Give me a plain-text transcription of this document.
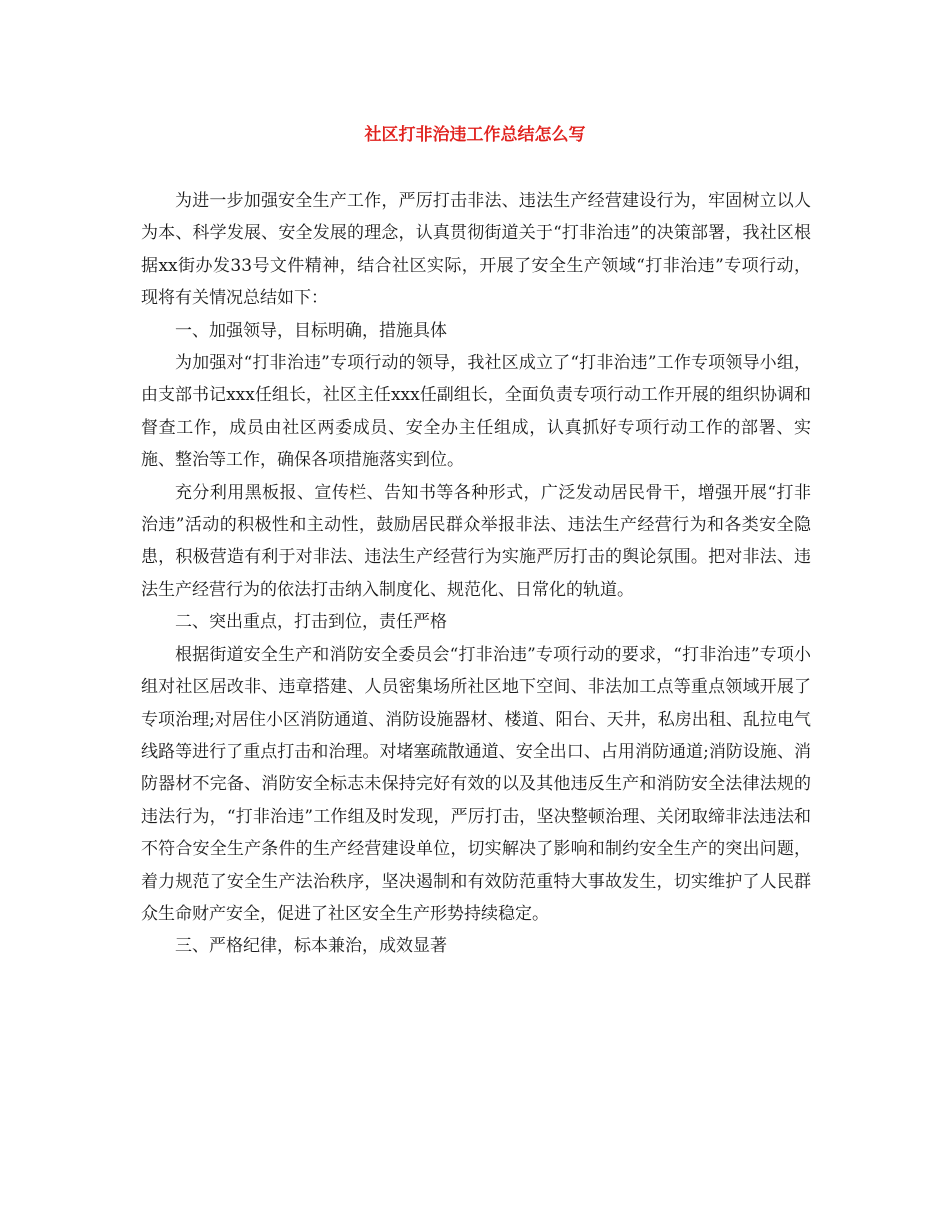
社区打非治违工作总结怎么写

为进一步加强安全生产工作，严厉打击非法、违法生产经营建设行为，牢固树立以人为本、科学发展、安全发展的理念，认真贯彻街道关于“打非治违”的决策部署，我社区根据xx街办发33号文件精神，结合社区实际，开展了安全生产领域“打非治违”专项行动，现将有关情况总结如下：

一、加强领导，目标明确，措施具体

为加强对“打非治违”专项行动的领导，我社区成立了“打非治违”工作专项领导小组，由支部书记xxx任组长，社区主任xxx任副组长，全面负责专项行动工作开展的组织协调和督查工作，成员由社区两委成员、安全办主任组成，认真抓好专项行动工作的部署、实施、整治等工作，确保各项措施落实到位。

充分利用黑板报、宣传栏、告知书等各种形式，广泛发动居民骨干，增强开展“打非治违”活动的积极性和主动性，鼓励居民群众举报非法、违法生产经营行为和各类安全隐患，积极营造有利于对非法、违法生产经营行为实施严厉打击的舆论氛围。把对非法、违法生产经营行为的依法打击纳入制度化、规范化、日常化的轨道。

二、突出重点，打击到位，责任严格

根据街道安全生产和消防安全委员会“打非治违”专项行动的要求，“打非治违”专项小组对社区居改非、违章搭建、人员密集场所社区地下空间、非法加工点等重点领域开展了专项治理;对居住小区消防通道、消防设施器材、楼道、阳台、天井，私房出租、乱拉电气线路等进行了重点打击和治理。对堵塞疏散通道、安全出口、占用消防通道;消防设施、消防器材不完备、消防安全标志未保持完好有效的以及其他违反生产和消防安全法律法规的违法行为，“打非治违”工作组及时发现，严厉打击，坚决整顿治理、关闭取缔非法违法和不符合安全生产条件的生产经营建设单位，切实解决了影响和制约安全生产的突出问题，着力规范了安全生产法治秩序，坚决遏制和有效防范重特大事故发生，切实维护了人民群众生命财产安全，促进了社区安全生产形势持续稳定。

三、严格纪律，标本兼治，成效显著
